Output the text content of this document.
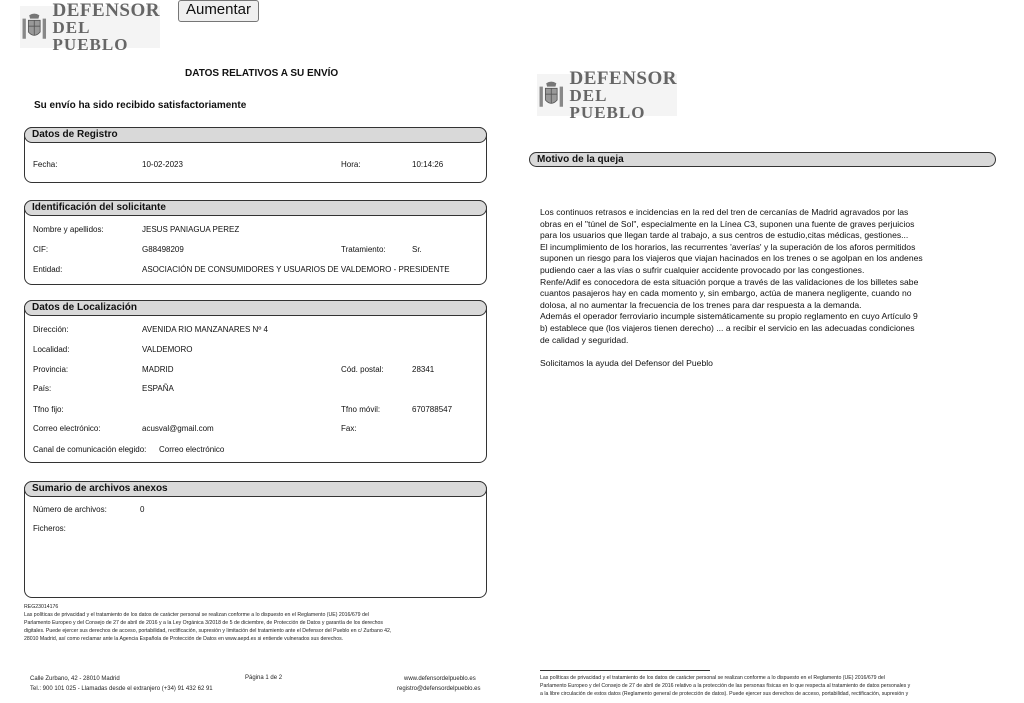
DEFENSOR
DEL PUEBLO
Aumentar
DATOS RELATIVOS A SU ENVÍO
Su envío ha sido recibido satisfactoriamente
Datos de Registro
Fecha:	10-02-2023	Hora:	10:14:26
Identificación del solicitante
Nombre y apellidos:	JESUS PANIAGUA PEREZ
CIF:	G88498209	Tratamiento:	Sr.
Entidad:	ASOCIACIÓN DE CONSUMIDORES Y USUARIOS DE VALDEMORO - PRESIDENTE
Datos de Localización
Dirección:	AVENIDA RIO MANZANARES Nº 4
Localidad:	VALDEMORO
Provincia:	MADRID	Cód. postal:	28341
País:	ESPAÑA
Tfno fijo:	Tfno móvil:	670788547
Correo electrónico:	acusval@gmail.com	Fax:
Canal de comunicación elegido: Correo electrónico
Sumario de archivos anexos
Número de archivos:	0
Ficheros:
REG23014176
Las políticas de privacidad y el tratamiento de los datos de carácter personal se realizan conforme a lo dispuesto en el Reglamento (UE) 2016/679 del
Parlamento Europeo y del Consejo de 27 de abril de 2016 y a la Ley Orgánica 3/2018 de 5 de diciembre, de Protección de Datos y garantía de los derechos
digitales. Puede ejercer sus derechos de acceso, portabilidad, rectificación, supresión y limitación del tratamiento ante el Defensor del Pueblo en c/ Zurbano 42,
28010 Madrid, así como reclamar ante la Agencia Española de Protección de Datos en www.aepd.es si entiende vulnerados sus derechos.
Calle Zurbano, 42 - 28010 Madrid
Tel.: 900 101 025 - Llamadas desde el extranjero (+34) 91 432 62 91
Página 1 de 2	www.defensordelpueblo.es
registro@defensordelpueblo.es
DEFENSOR
DEL PUEBLO
Motivo de la queja

Los continuos retrasos e incidencias en la red del tren de cercanías de Madrid agravados por las

obras en el "túnel de Sol", especialmente en la Línea C3, suponen una fuente de graves perjuicios

para los usuarios que llegan tarde al trabajo, a sus centros de estudio,citas médicas, gestiones...

El incumplimiento de los horarios, las recurrentes 'averías' y la superación de los aforos permitidos

suponen un riesgo para los viajeros que viajan hacinados en los trenes o se agolpan en los andenes

pudiendo caer a las vías o sufrir cualquier accidente provocado por las congestiones.

Renfe/Adif es conocedora de esta situación porque a través de las validaciones de los billetes sabe

cuantos pasajeros hay en cada momento y, sin embargo, actúa de manera negligente, cuando no

dolosa, al no aumentar la frecuencia de los trenes para dar respuesta a la demanda.

Además el operador ferroviario incumple sistemáticamente su propio reglamento en cuyo Artículo 9

b) establece que (los viajeros tienen derecho) ... a recibir el servicio en las adecuadas condiciones

de calidad y seguridad.

Solicitamos la ayuda del Defensor del Pueblo

Las políticas de privacidad y el tratamiento de los datos de carácter personal se realizan conforme a lo dispuesto en el Reglamento (UE) 2016/679 del
Parlamento Europeo y del Consejo de 27 de abril de 2016 relativo a la protección de las personas físicas en lo que respecta al tratamiento de datos personales y
a la libre circulación de estos datos (Reglamento general de protección de datos). Puede ejercer sus derechos de acceso, portabilidad, rectificación, supresión y
